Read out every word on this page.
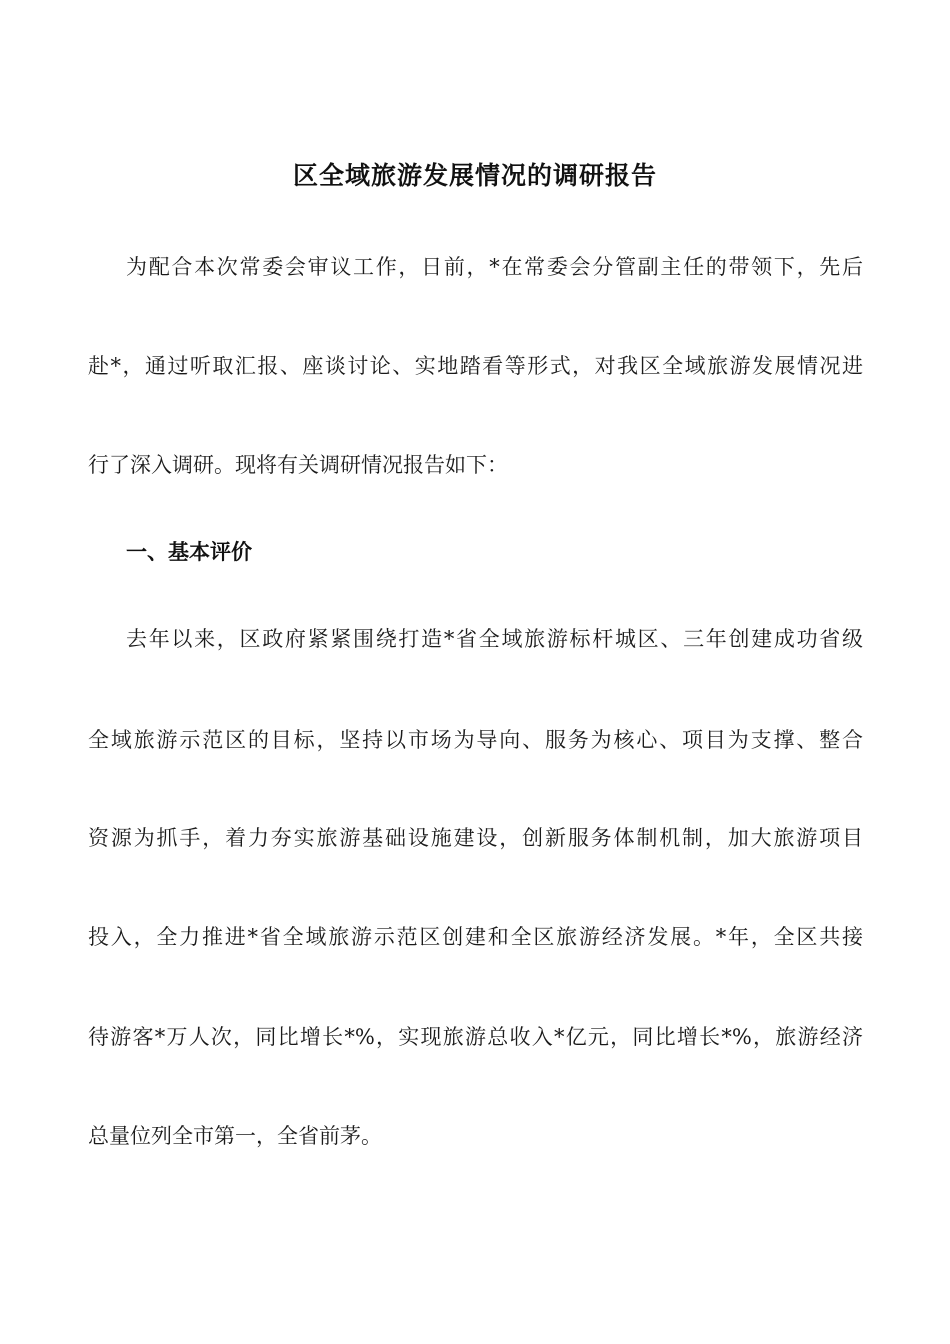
区全域旅游发展情况的调研报告
为配合本次常委会审议工作，日前，*在常委会分管副主任的带领下，先后
赴*，通过听取汇报、座谈讨论、实地踏看等形式，对我区全域旅游发展情况进
行了深入调研。现将有关调研情况报告如下：
一、基本评价
去年以来，区政府紧紧围绕打造*省全域旅游标杆城区、三年创建成功省级
全域旅游示范区的目标，坚持以市场为导向、服务为核心、项目为支撑、整合
资源为抓手，着力夯实旅游基础设施建设，创新服务体制机制，加大旅游项目
投入，全力推进*省全域旅游示范区创建和全区旅游经济发展。*年，全区共接
待游客*万人次，同比增长*%，实现旅游总收入*亿元，同比增长*%，旅游经济
总量位列全市第一，全省前茅。
